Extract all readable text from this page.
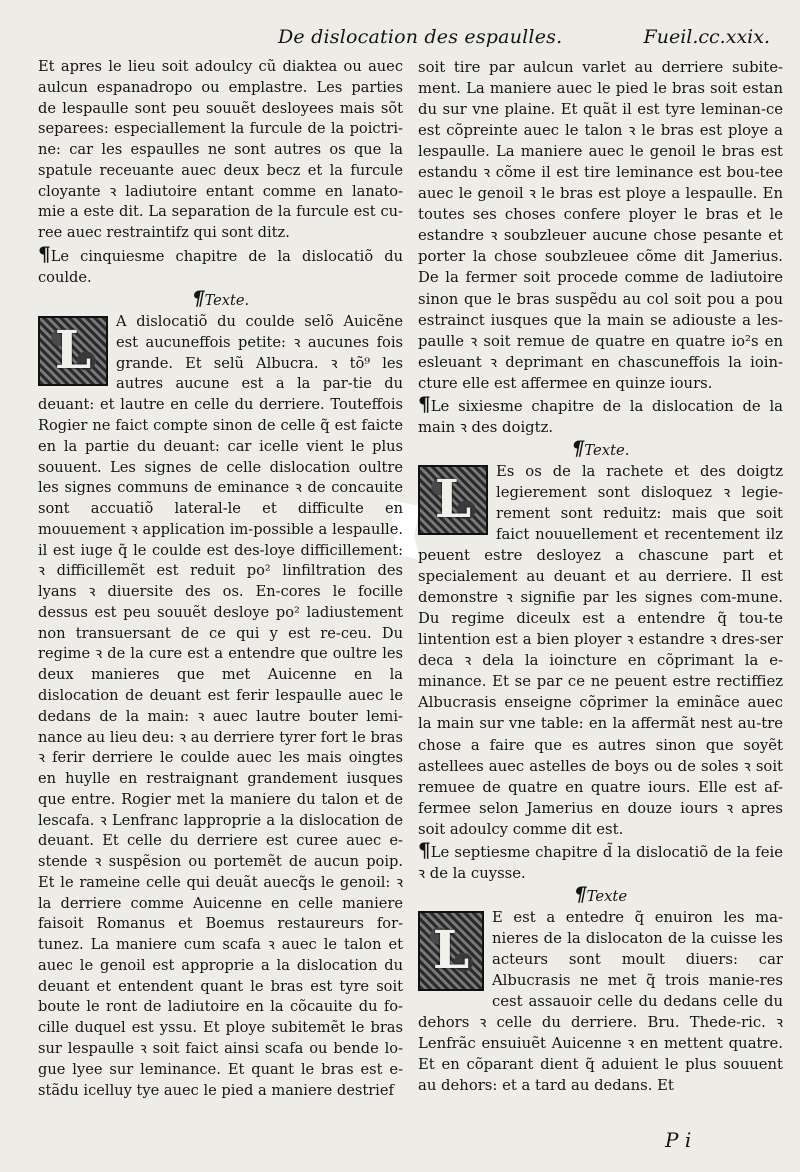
De dislocation des espaulles.	Fueil.cc.xxix.

Et apres le lieu soit adoulcy cũ diaktea ou auec aulcun espanadropo ou emplastre. Les parties de lespaulle sont peu souuẽt desloyees mais sõt separees: especiallement la furcule de la poictri-ne: car les espaulles ne sont autres os que la spatule receuante auec deux becz et la furcule cloyante ꝛ ladiutoire entant comme en lanato-mie a este dit. La separation de la furcule est cu-ree auec restraintifz qui sont ditz.

¶Le cinquiesme chapitre de la dislocatiõ du coulde.

¶Texte.

L	A dislocatiõ du coulde selõ Auicẽne est aucuneffois petite: ꝛ aucunes fois grande. Et selũ Albucra. ꝛ tõ⁹ les autres aucune est a la par-tie du deuant: et lautre en celle du derriere. Touteffois Rogier ne faict compte sinon de celle q̃ est faicte en la partie du deuant: car icelle vient le plus souuent. Les signes de celle dislocation oultre les signes communs de eminance ꝛ de concauite sont accuatiõ lateral-le et difficulte en mouuement ꝛ application im-possible a lespaulle. il est iuge q̃ le coulde est des-loye difficillement: ꝛ difficillemẽt est reduit po² linfiltration des lyans ꝛ diuersite des os. En-cores le focille dessus est peu souuẽt desloye po² ladiustement non transuersant de ce qui y est re-ceu. Du regime ꝛ de la cure est a entendre que oultre les deux manieres que met Auicenne en la dislocation de deuant est ferir lespaulle auec le dedans de la main: ꝛ auec lautre bouter lemi-nance au lieu deu: ꝛ au derriere tyrer fort le bras ꝛ ferir derriere le coulde auec les mais oingtes en huylle en restraignant grandement iusques que entre. Rogier met la maniere du talon et de lescafa. ꝛ Lenfranc lapproprie a la dislocation de deuant. Et celle du derriere est curee auec e-stende ꝛ suspẽsion ou portemẽt de aucun poip. Et le rameine celle qui deuãt auecq̃s le genoil: ꝛ la derriere comme Auicenne en celle maniere faisoit Romanus et Boemus restaureurs for-tunez. La maniere cum scafa ꝛ auec le talon et auec le genoil est approprie a la dislocation du deuant et entendent quant le bras est tyre soit boute le ront de ladiutoire en la cõcauite du fo-cille duquel est yssu. Et ploye subitemẽt le bras sur lespaulle ꝛ soit faict ainsi scafa ou bende lo-gue lyee sur leminance. Et quant le bras est e-stãdu icelluy tye auec le pied a maniere destrief

soit tire par aulcun varlet au derriere subite-ment. La maniere auec le pied le bras soit estan du sur vne plaine. Et quãt il est tyre leminan-ce est cõpreinte auec le talon ꝛ le bras est ploye a lespaulle. La maniere auec le genoil le bras est estandu ꝛ cõme il est tire leminance est bou-tee auec le genoil ꝛ le bras est ploye a lespaulle. En toutes ses choses confere ployer le bras et le estandre ꝛ soubzleuer aucune chose pesante et porter la chose soubzleuee cõme dit Jamerius. De la fermer soit procede comme de ladiutoire sinon que le bras suspẽdu au col soit pou a pou estrainct iusques que la main se adiouste a les-paulle ꝛ soit remue de quatre en quatre io²s en esleuant ꝛ deprimant en chascuneffois la ioin-cture elle est affermee en quinze iours.

¶Le sixiesme chapitre de la dislocation de la main ꝛ des doigtz.

¶Texte.

L	Es os de la rachete et des doigtz legierement sont disloquez ꝛ legie-rement sont reduitz: mais que soit faict nouuellement et recentement ilz peuent estre desloyez a chascune part et specialement au deuant et au derriere. Il est demonstre ꝛ signifie par les signes com-mune. Du regime diceulx est a entendre q̃ tou-te lintention est a bien ployer ꝛ estandre ꝛ dres-ser deca ꝛ dela la ioincture en cõprimant la e-minance. Et se par ce ne peuent estre rectiffiez Albucrasis enseigne cõprimer la eminãce auec la main sur vne table: en la affermãt nest au-tre chose a faire que es autres sinon que soyẽt astellees auec astelles de boys ou de soles ꝛ soit remuee de quatre en quatre iours. Elle est af-fermee selon Jamerius en douze iours ꝛ apres soit adoulcy comme dit est.

¶Le septiesme chapitre d̃ la dislocatiõ de la feie ꝛ de la cuysse.

¶Texte

L
E est a entedre q̃ enuiron les ma-nieres de la dislocaton de la cuisse les acteurs sont moult diuers: car Albucrasis ne met q̃ trois manie-res cest assauoir celle du dedans celle du dehors ꝛ celle du derriere. Bru. Thede-ric. ꝛ Lenfrãc ensuiuẽt Auicenne ꝛ en mettent quatre. Et en cõparant dient q̃ aduient le plus souuent au dehors: et a tard au dedans. Et

P i
